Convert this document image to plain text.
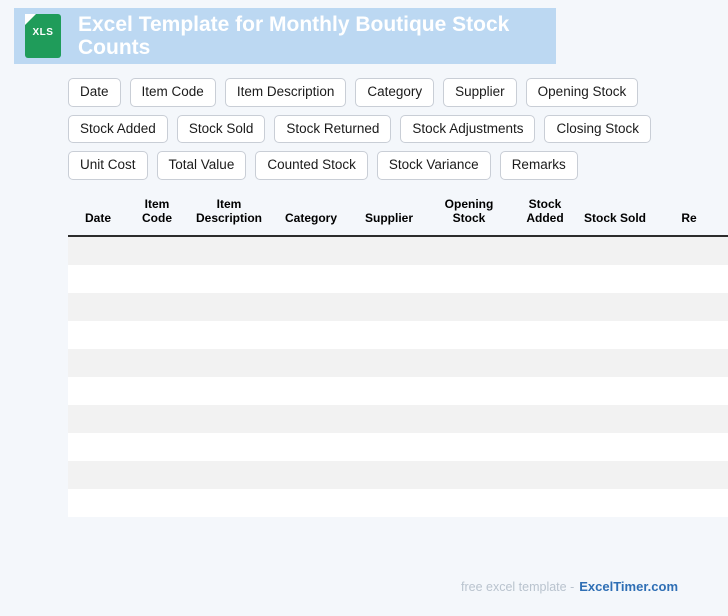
XLS	Excel Template for Monthly Boutique Stock Counts
Date	Item Code	Item Description	Category	Supplier	Opening Stock
Stock Added	Stock Sold	Stock Returned	Stock Adjustments	Closing Stock
Unit Cost	Total Value	Counted Stock	Stock Variance	Remarks
Date	Item Code	Item Description	Category	Supplier	Opening Stock	Stock Added	Stock Sold	Re

free excel template - ExcelTimer.com
